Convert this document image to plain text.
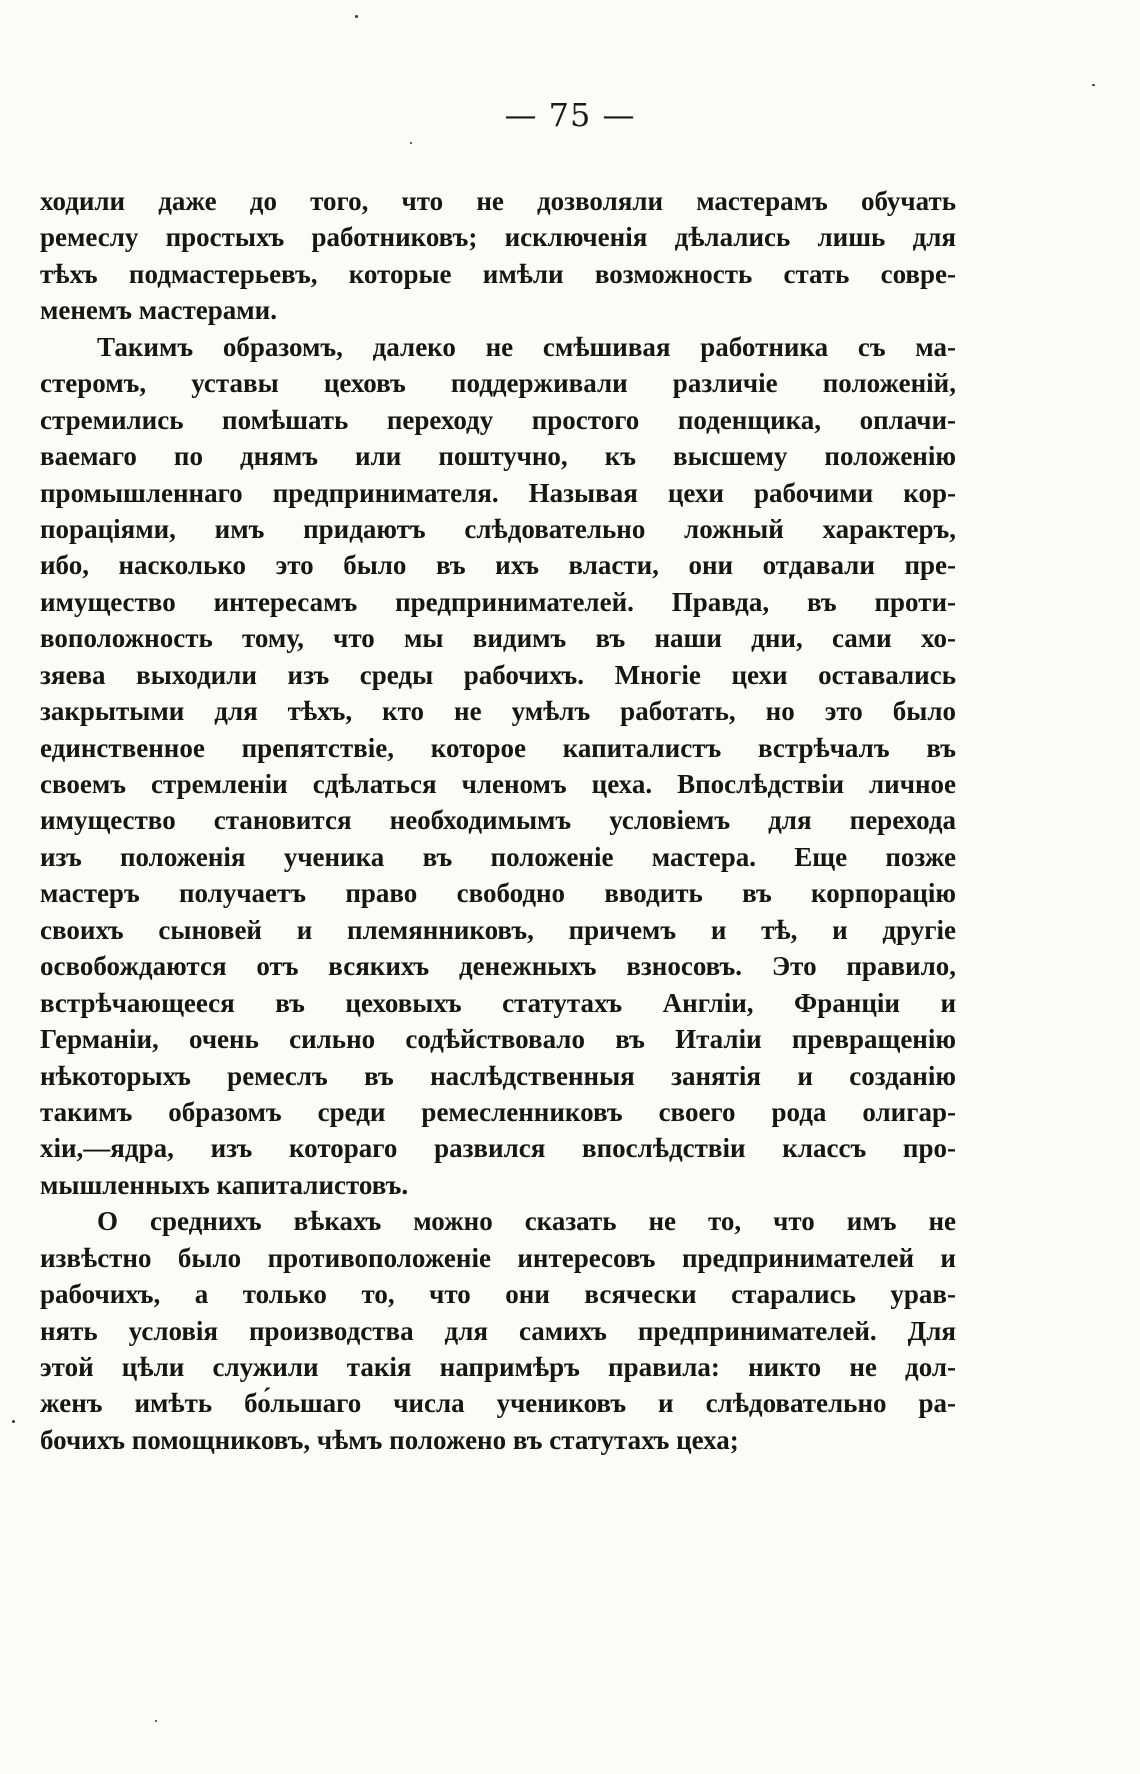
— 75 —
ходили даже до того, что не дозволяли мастерамъ обучать
ремеслу простыхъ работниковъ; исключенія дѣлались лишь для
тѣхъ подмастерьевъ, которые имѣли возможность стать совре-
менемъ мастерами.
Такимъ образомъ, далеко не смѣшивая работника съ ма-
стеромъ, уставы цеховъ поддерживали различіе положеній,
стремились помѣшать переходу простого поденщика, оплачи-
ваемаго по днямъ или поштучно, къ высшему положенію
промышленнаго предпринимателя. Называя цехи рабочими кор-
пораціями, имъ придаютъ слѣдовательно ложный характеръ,
ибо, насколько это было въ ихъ власти, они отдавали пре-
имущество интересамъ предпринимателей. Правда, въ проти-
воположность тому, что мы видимъ въ наши дни, сами хо-
зяева выходили изъ среды рабочихъ. Многіе цехи оставались
закрытыми для тѣхъ, кто не умѣлъ работать, но это было
единственное препятствіе, которое капиталистъ встрѣчалъ въ
своемъ стремленіи сдѣлаться членомъ цеха. Впослѣдствіи личное
имущество становится необходимымъ условіемъ для перехода
изъ положенія ученика въ положеніе мастера. Еще позже
мастеръ получаетъ право свободно вводить въ корпорацію
своихъ сыновей и племянниковъ, причемъ и тѣ, и другіе
освобождаются отъ всякихъ денежныхъ взносовъ. Это правило,
встрѣчающееся въ цеховыхъ статутахъ Англіи, Франціи и
Германіи, очень сильно содѣйствовало въ Италіи превращенію
нѣкоторыхъ ремеслъ въ наслѣдственныя занятія и созданію
такимъ образомъ среди ремесленниковъ своего рода олигар-
хіи,—ядра, изъ котораго развился впослѣдствіи классъ про-
мышленныхъ капиталистовъ.
О среднихъ вѣкахъ можно сказать не то, что имъ не
извѣстно было противоположеніе интересовъ предпринимателей и
рабочихъ, а только то, что они всячески старались урав-
нять условія производства для самихъ предпринимателей. Для
этой цѣли служили такія напримѣръ правила: никто не дол-
женъ имѣть бо́льшаго числа учениковъ и слѣдовательно ра-
бочихъ помощниковъ, чѣмъ положено въ статутахъ цеха;
